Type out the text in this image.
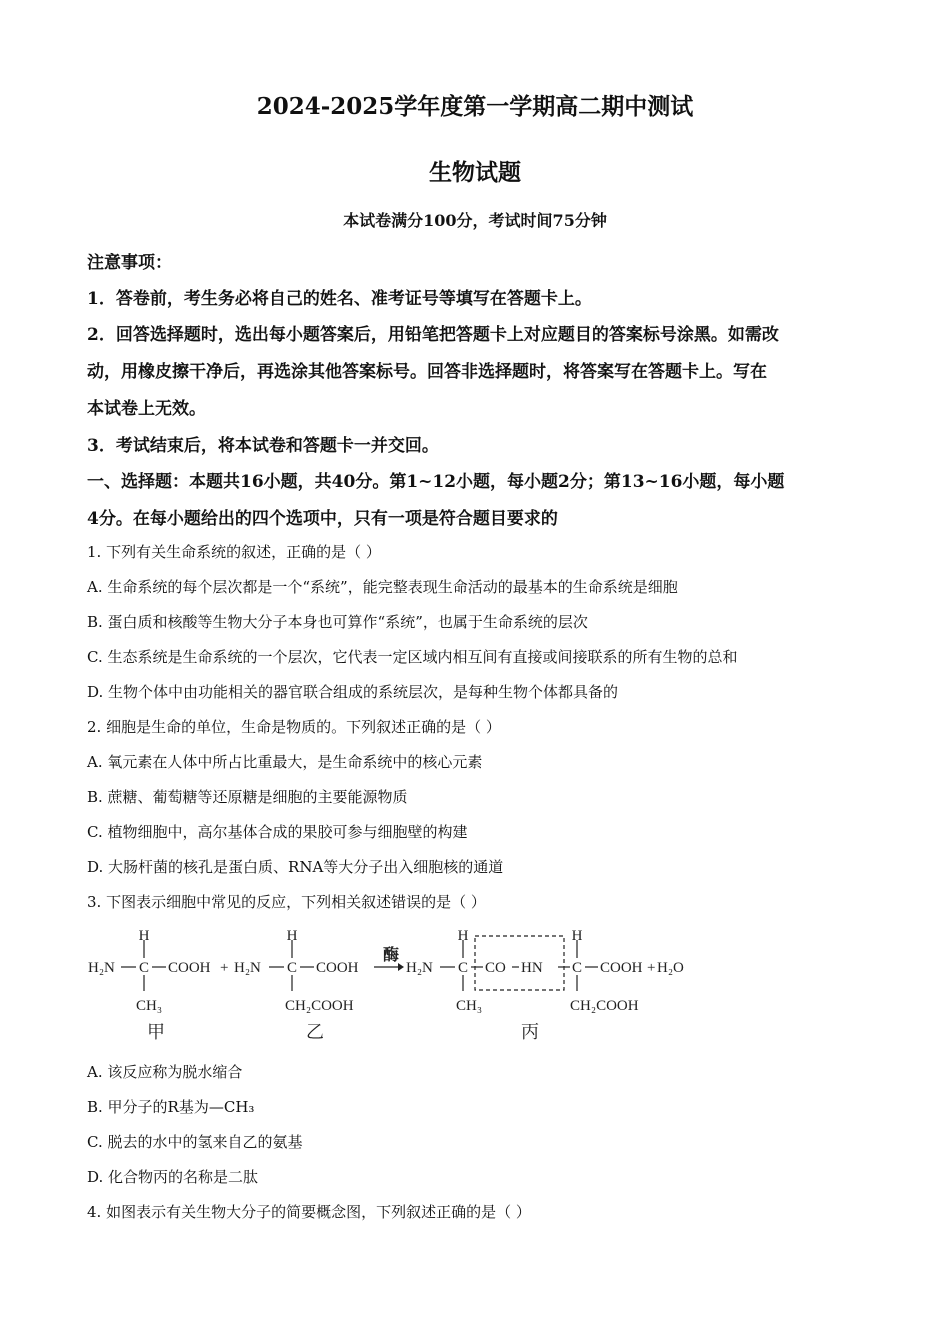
2024-2025学年度第一学期高二期中测试
生物试题
本试卷满分100分，考试时间75分钟
注意事项：
1．答卷前，考生务必将自己的姓名、准考证号等填写在答题卡上。
2．回答选择题时，选出每小题答案后，用铅笔把答题卡上对应题目的答案标号涂黑。如需改
动，用橡皮擦干净后，再选涂其他答案标号。回答非选择题时，将答案写在答题卡上。写在
本试卷上无效。
3．考试结束后，将本试卷和答题卡一并交回。
一、选择题：本题共16小题，共40分。第1~12小题，每小题2分；第13~16小题，每小题
4分。在每小题给出的四个选项中，只有一项是符合题目要求的
1. 下列有关生命系统的叙述，正确的是（ ）
A. 生命系统的每个层次都是一个“系统”，能完整表现生命活动的最基本的生命系统是细胞
B. 蛋白质和核酸等生物大分子本身也可算作“系统”，也属于生命系统的层次
C. 生态系统是生命系统的一个层次，它代表一定区域内相互间有直接或间接联系的所有生物的总和
D. 生物个体中由功能相关的器官联合组成的系统层次，是每种生物个体都具备的
2. 细胞是生命的单位，生命是物质的。下列叙述正确的是（ ）
A. 氧元素在人体中所占比重最大，是生命系统中的核心元素
B. 蔗糖、葡萄糖等还原糖是细胞的主要能源物质
C. 植物细胞中，高尔基体合成的果胶可参与细胞壁的构建
D. 大肠杆菌的核孔是蛋白质、RNA等大分子出入细胞核的通道
3. 下图表示细胞中常见的反应，下列相关叙述错误的是（ ）
H
H₂N C COOH +
CH₃
H
H₂N C COOH
CH₂COOH
酶
H
H₂N C CO HN
H
C COOH + H₂O
CH₃	CH₂COOH
甲	乙	丙
A. 该反应称为脱水缩合
B. 甲分子的R基为—CH₃
C. 脱去的水中的氢来自乙的氨基
D. 化合物丙的名称是二肽
4. 如图表示有关生物大分子的简要概念图，下列叙述正确的是（ ）
